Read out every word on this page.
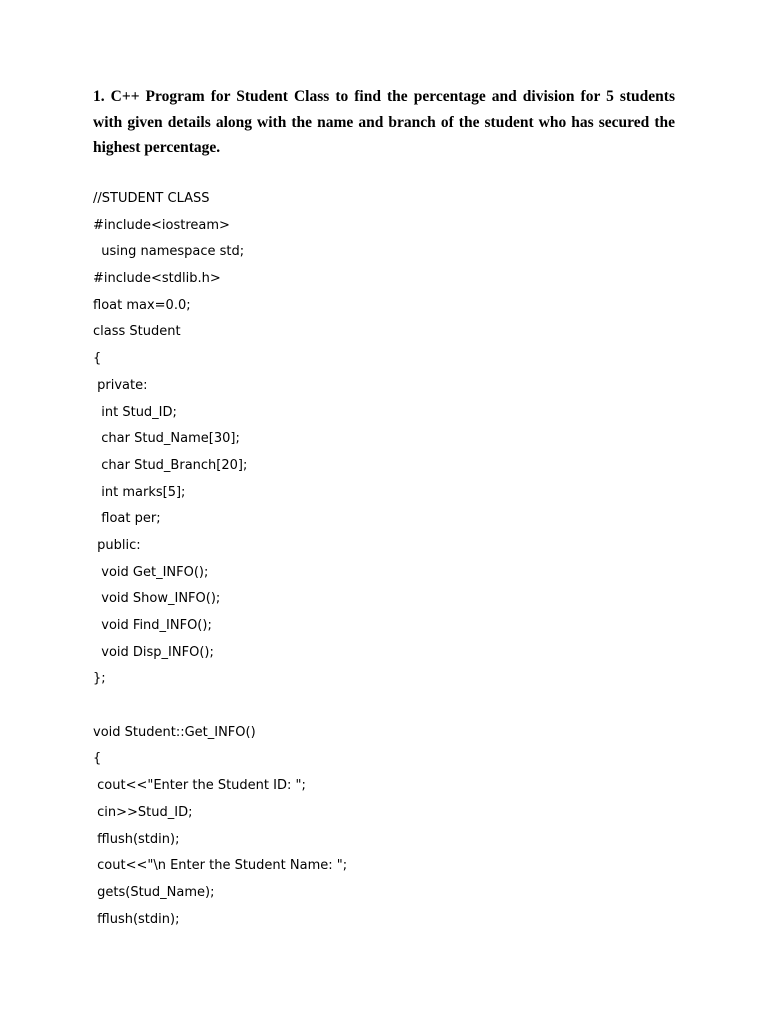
1. C++ Program for Student Class to find the percentage and division for 5 students with given details along with the name and branch of the student who has secured the highest percentage.
//STUDENT CLASS
#include<iostream>
using namespace std;
#include<stdlib.h>
float max=0.0;
class Student
{
private:
int Stud_ID;
char Stud_Name[30];
char Stud_Branch[20];
int marks[5];
float per;
public:
void Get_INFO();
void Show_INFO();
void Find_INFO();
void Disp_INFO();
};
void Student::Get_INFO()
{
cout<<"Enter the Student ID: ";
cin>>Stud_ID;
fflush(stdin);
cout<<"\n Enter the Student Name: ";
gets(Stud_Name);
fflush(stdin);
